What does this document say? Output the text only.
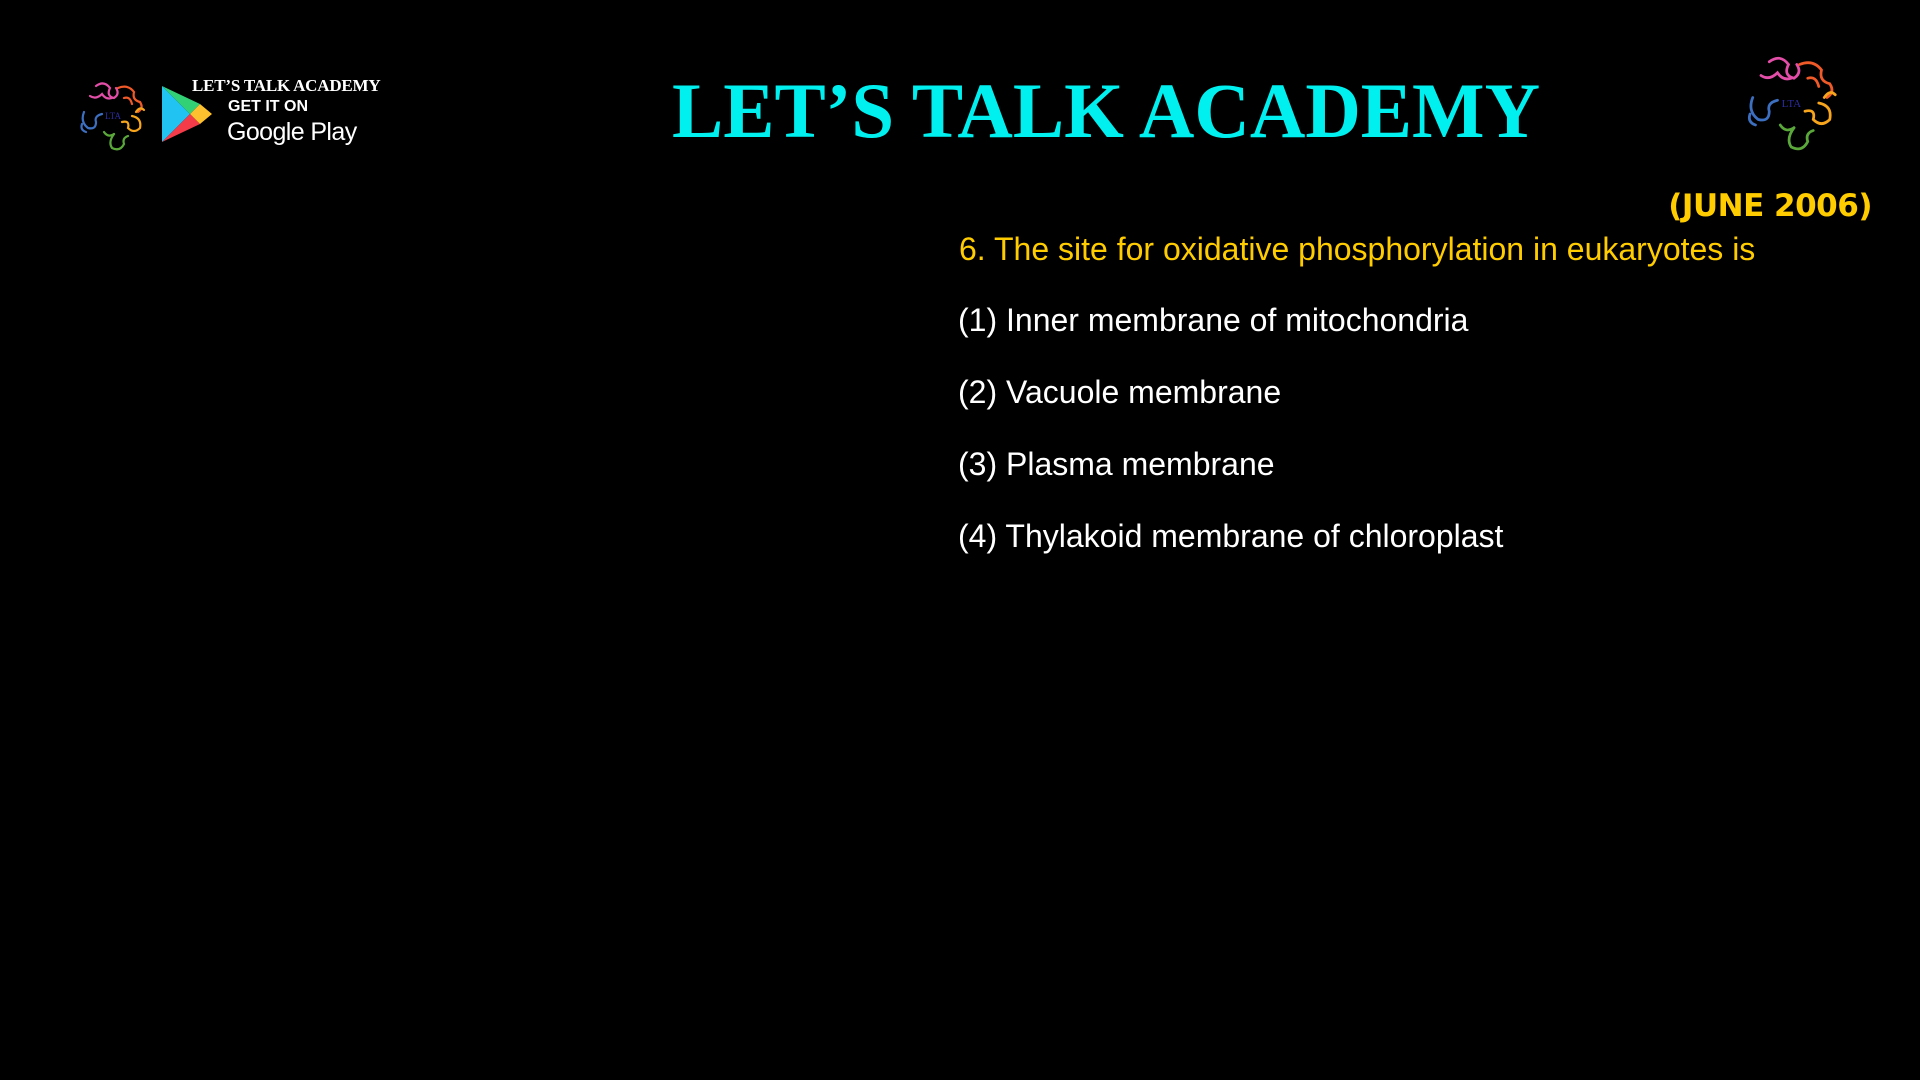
LTA
LET’S TALK ACADEMY
GET IT ON
Google Play	LET’S TALK ACADEMY	LTA
(JUNE 2006)
6. The site for oxidative phosphorylation in eukaryotes is
(1) Inner membrane of mitochondria
(2) Vacuole membrane
(3) Plasma membrane
(4) Thylakoid membrane of chloroplast
